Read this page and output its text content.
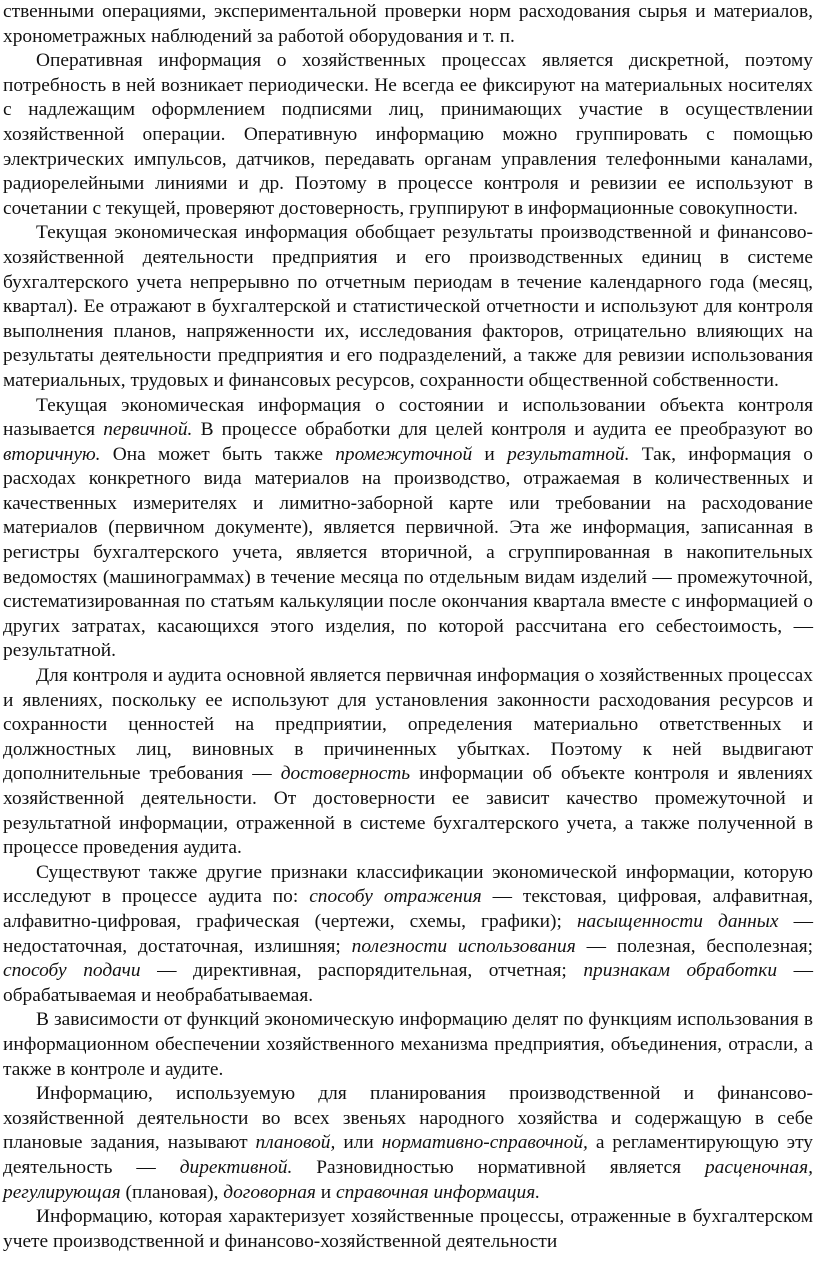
ственными операциями, экспериментальной проверки норм расходования сырья и материалов, хронометражных наблюдений за работой оборудования и т. п.

Оперативная информация о хозяйственных процессах является дискретной, поэтому потребность в ней возникает периодически. Не всегда ее фиксируют на материальных носителях с надлежащим оформлением подписями лиц, принимающих участие в осуществлении хозяйственной операции. Оперативную информацию можно группировать с помощью электрических импульсов, датчиков, передавать органам управления телефонными каналами, радиорелейными линиями и др. Поэтому в процессе контроля и ревизии ее используют в сочетании с текущей, проверяют достоверность, группируют в информационные совокупности.

Текущая экономическая информация обобщает результаты производственной и финансово-хозяйственной деятельности предприятия и его производственных единиц в системе бухгалтерского учета непрерывно по отчетным периодам в течение календарного года (месяц, квартал). Ее отражают в бухгалтерской и статистической отчетности и используют для контроля выполнения планов, напряженности их, исследования факторов, отрицательно влияющих на результаты деятельности предприятия и его подразделений, а также для ревизии использования материальных, трудовых и финансовых ресурсов, сохранности общественной собственности.

Текущая экономическая информация о состоянии и использовании объекта контроля называется первичной. В процессе обработки для целей контроля и аудита ее преобразуют во вторичную. Она может быть также промежуточной и результатной. Так, информация о расходах конкретного вида материалов на производство, отражаемая в количественных и качественных измерителях и лимитно-заборной карте или требовании на расходование материалов (первичном документе), является первичной. Эта же информация, записанная в регистры бухгалтерского учета, является вторичной, а сгруппированная в накопительных ведомостях (машинограммах) в течение месяца по отдельным видам изделий — промежуточной, систематизированная по статьям калькуляции после окончания квартала вместе с информацией о других затратах, касающихся этого изделия, по которой рассчитана его себестоимость, — результатной.

Для контроля и аудита основной является первичная информация о хозяйственных процессах и явлениях, поскольку ее используют для установления законности расходования ресурсов и сохранности ценностей на предприятии, определения материально ответственных и должностных лиц, виновных в причиненных убытках. Поэтому к ней выдвигают дополнительные требования — достоверность информации об объекте контроля и явлениях хозяйственной деятельности. От достоверности ее зависит качество промежуточной и результатной информации, отраженной в системе бухгалтерского учета, а также полученной в процессе проведения аудита.

Существуют также другие признаки классификации экономической информации, которую исследуют в процессе аудита по: способу отражения — текстовая, цифровая, алфавитная, алфавитно-цифровая, графическая (чертежи, схемы, графики); насыщенности данных — недостаточная, достаточная, излишняя; полезности использования — полезная, бесполезная; способу подачи — директивная, распорядительная, отчетная; признакам обработки — обрабатываемая и необрабатываемая.

В зависимости от функций экономическую информацию делят по функциям использования в информационном обеспечении хозяйственного механизма предприятия, объединения, отрасли, а также в контроле и аудите.

Информацию, используемую для планирования производственной и финансово-хозяйственной деятельности во всех звеньях народного хозяйства и содержащую в себе плановые задания, называют плановой, или нормативно-справочной, а регламентирующую эту деятельность — директивной. Разновидностью нормативной является расценочная, регулирующая (плановая), договорная и справочная информация.

Информацию, которая характеризует хозяйственные процессы, отраженные в бухгалтерском учете производственной и финансово-хозяйственной деятельности
